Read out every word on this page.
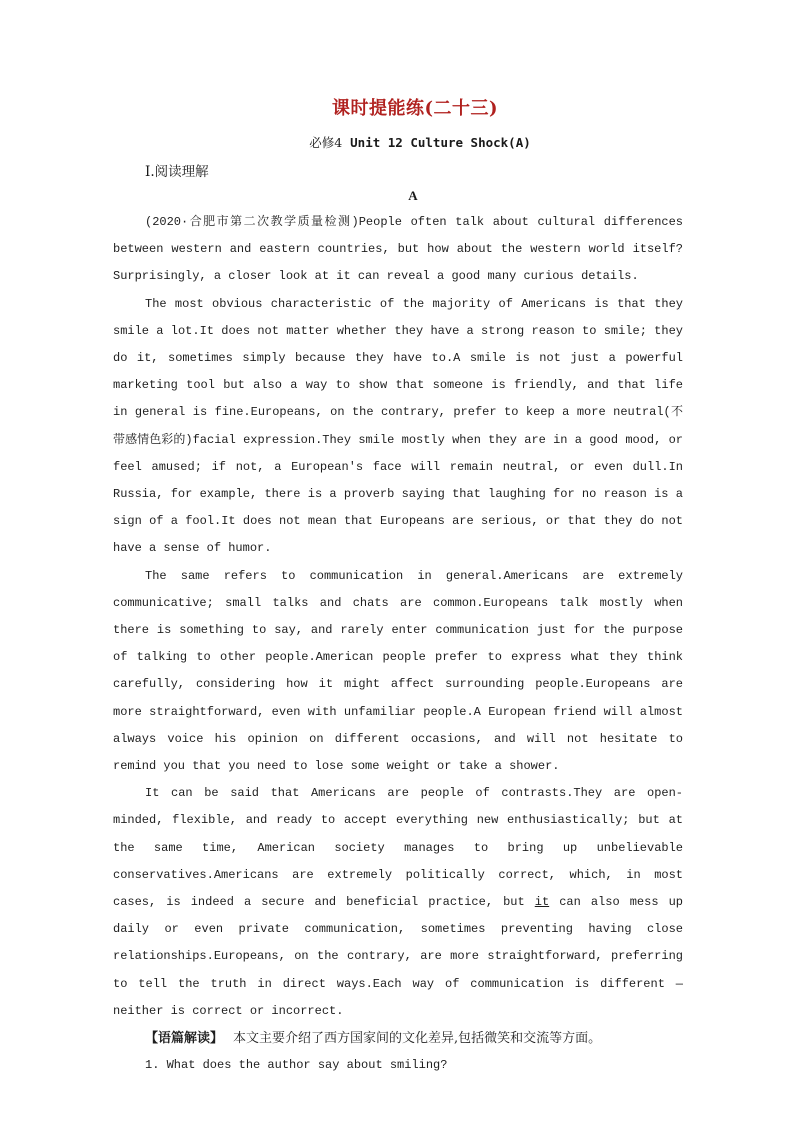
课时提能练(二十三)
必修4 Unit 12 Culture Shock(A)
Ⅰ.阅读理解
A

(2020·合肥市第二次教学质量检测)People often talk about cultural differences between western and eastern countries, but how about the western world itself? Surprisingly, a closer look at it can reveal a good many curious details.

The most obvious characteristic of the majority of Americans is that they smile a lot.It does not matter whether they have a strong reason to smile; they do it, sometimes simply because they have to.A smile is not just a powerful marketing tool but also a way to show that someone is friendly, and that life in general is fine.Europeans, on the contrary, prefer to keep a more neutral(不带感情色彩的)facial expression.They smile mostly when they are in a good mood, or feel amused; if not, a European's face will remain neutral, or even dull.In Russia, for example, there is a proverb saying that laughing for no reason is a sign of a fool.It does not mean that Europeans are serious, or that they do not have a sense of humor.

The same refers to communication in general.Americans are extremely communicative; small talks and chats are common.Europeans talk mostly when there is something to say, and rarely enter communication just for the purpose of talking to other people.American people prefer to express what they think carefully, considering how it might affect surrounding people.Europeans are more straightforward, even with unfamiliar people.A European friend will almost always voice his opinion on different occasions, and will not hesitate to remind you that you need to lose some weight or take a shower.

It can be said that Americans are people of contrasts.They are open-minded, flexible, and ready to accept everything new enthusiastically; but at the same time, American society manages to bring up unbelievable conservatives.Americans are extremely politically correct, which, in most cases, is indeed a secure and beneficial practice, but it can also mess up daily or even private communication, sometimes preventing having close relationships.Europeans, on the contrary, are more straightforward, preferring to tell the truth in direct ways.Each way of communication is different — neither is correct or incorrect.

【语篇解读】 本文主要介绍了西方国家间的文化差异,包括微笑和交流等方面。

1. What does the author say about smiling?
